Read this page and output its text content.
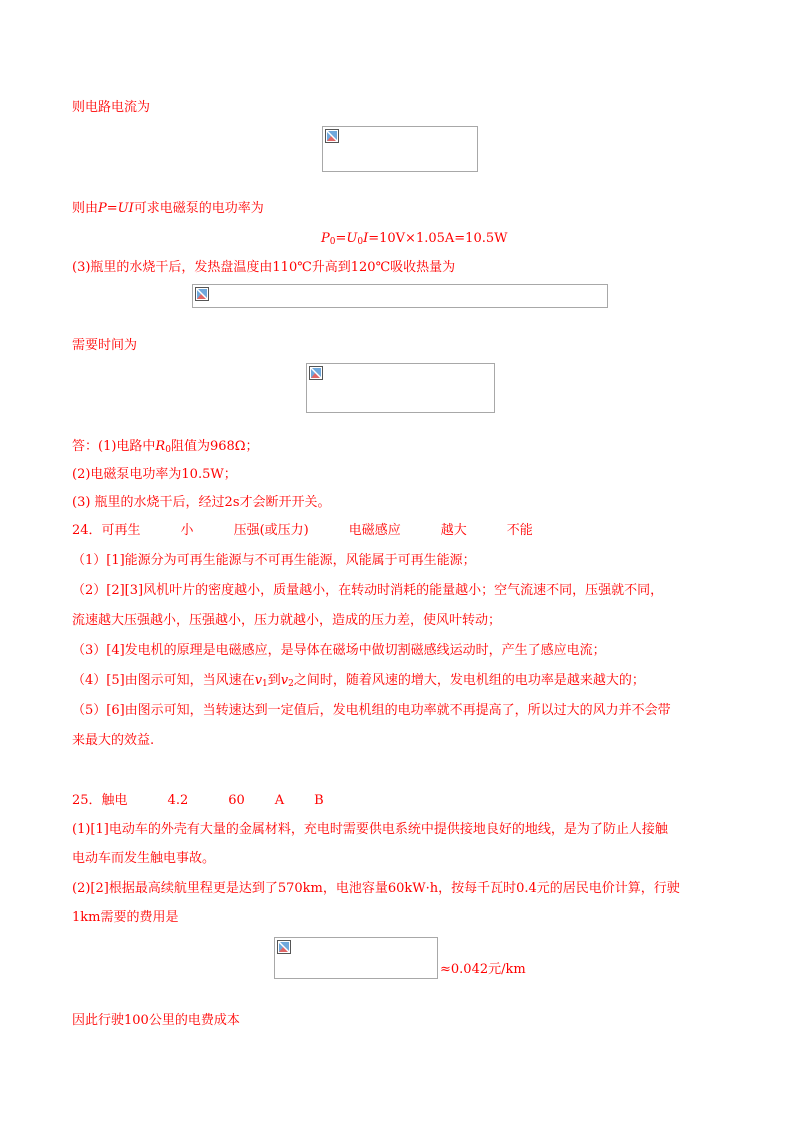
则电路电流为
则由P=UI可求电磁泵的电功率为
$P_0=U_0I=10V\times 1.05A=10.5W$
(3)瓶里的水烧干后，发热盘温度由110℃升高到120℃吸收热量为
需要时间为
答：(1)电路中$R_0$阻值为968Ω；
(2)电磁泵电功率为10.5W；
(3) 瓶里的水烧干后，经过2s才会断开开关。
24．可再生	小	压强(或压力)	电磁感应	越大	不能
（1）[1]能源分为可再生能源与不可再生能源，风能属于可再生能源；
（2）[2][3]风机叶片的密度越小，质量越小，在转动时消耗的能量越小；空气流速不同，压强就不同，
流速越大压强越小，压强越小，压力就越小，造成的压力差，使风叶转动；
（3）[4]发电机的原理是电磁感应，是导体在磁场中做切割磁感线运动时，产生了感应电流；
（4）[5]由图示可知，当风速在$v_1$到$v_2$之间时，随着风速的增大，发电机组的电功率是越来越大的；
（5）[6]由图示可知，当转速达到一定值后，发电机组的电功率就不再提高了，所以过大的风力并不会带
来最大的效益.
25．触电	4.2	60 A B
(1)[1]电动车的外壳有大量的金属材料，充电时需要供电系统中提供接地良好的地线，是为了防止人接触
电动车而发生触电事故。
(2)[2]根据最高续航里程更是达到了570km，电池容量60kW·h，按每千瓦时0.4元的居民电价计算，行驶
1km需要的费用是
≈0.042元/km
因此行驶100公里的电费成本
